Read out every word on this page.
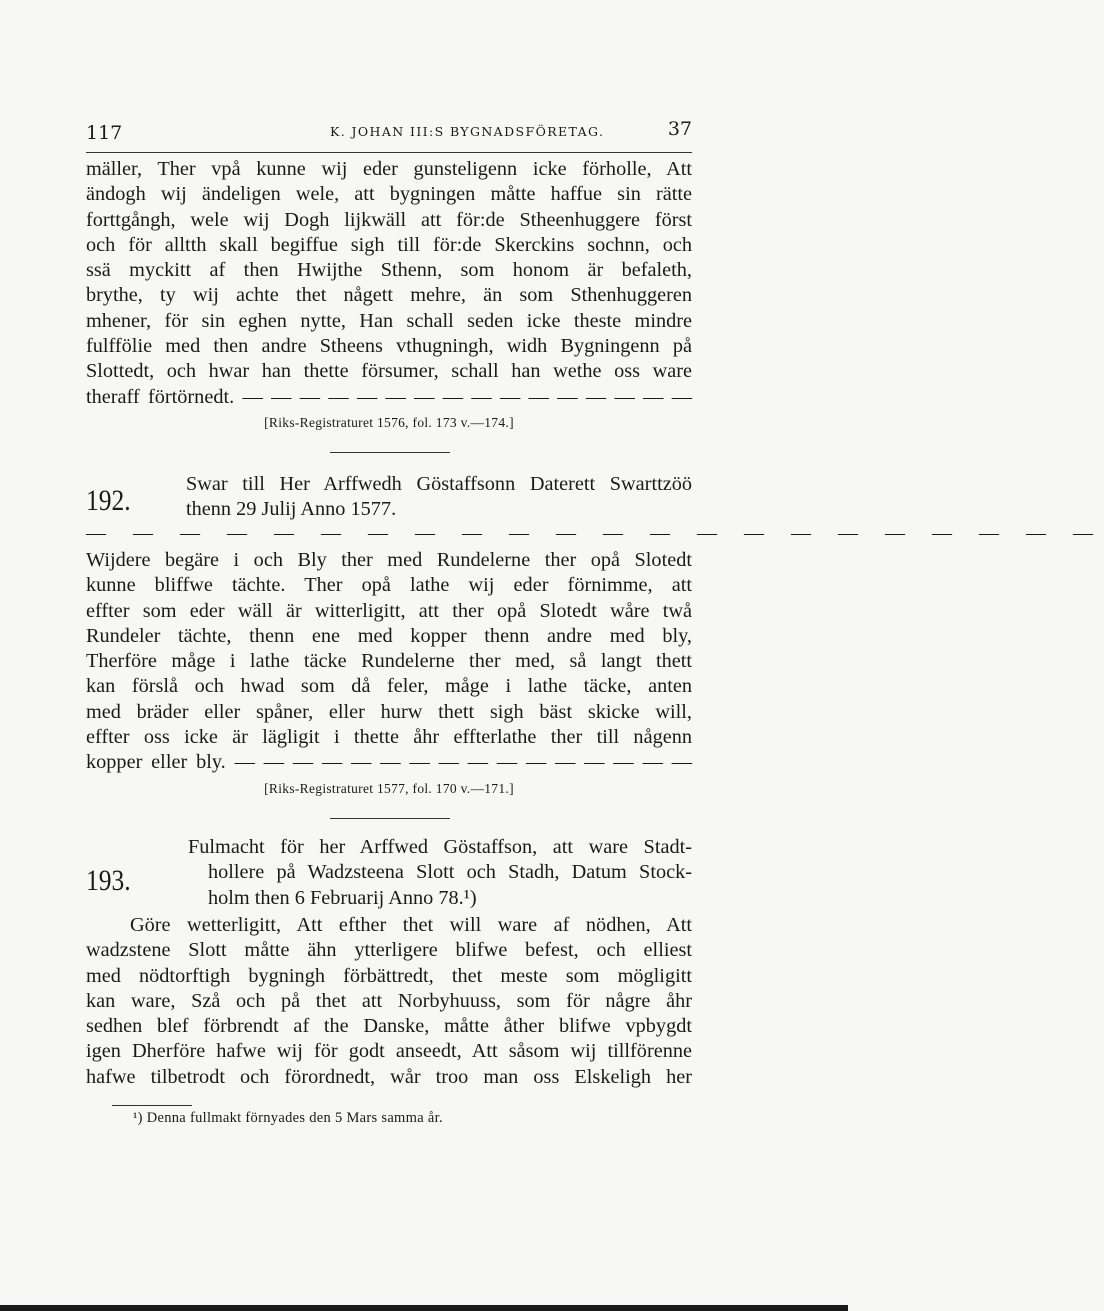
117	K. JOHAN III:S BYGNADSFÖRETAG.	37
mäller, Ther vpå kunne wij eder gunsteligenn icke förholle, Att
ändogh wij ändeligen wele, att bygningen måtte haffue sin rätte
forttgångh, wele wij Dogh lijkwäll att för:de Stheenhuggere först
och för alltth skall begiffue sigh till för:de Skerckins sochnn, och
ssä myckitt af then Hwijthe Sthenn, som honom är befaleth,
brythe, ty wij achte thet någett mehre, än som Sthenhuggeren
mhener, för sin eghen nytte, Han schall seden icke theste mindre
fulffölie med then andre Stheens vthugningh, widh Bygningenn på
Slottedt, och hwar han thette försumer, schall han wethe oss ware
theraff förtörnedt. — — — — — — — — — — — — — — — —
[Riks-Registraturet 1576, fol. 173 v.—174.]
192.	Swar till Her Arffwedh Göstaffsonn Daterett Swarttzöö
thenn 29 Julij Anno 1577.
— — — — — — — — — — — — — — — — — — — — — —
Wijdere begäre i och Bly ther med Rundelerne ther opå Slotedt
kunne bliffwe tächte. Ther opå lathe wij eder förnimme, att
effter som eder wäll är witterligitt, att ther opå Slotedt wåre twå
Rundeler tächte, thenn ene med kopper thenn andre med bly,
Therföre måge i lathe täcke Rundelerne ther med, så langt thett
kan förslå och hwad som då feler, måge i lathe täcke, anten
med bräder eller spåner, eller hurw thett sigh bäst skicke will,
effter oss icke är lägligit i thette åhr effterlathe ther till någenn
kopper eller bly. — — — — — — — — — — — — — — — —
[Riks-Registraturet 1577, fol. 170 v.—171.]
193.
Fulmacht för her Arffwed Göstaffson, att ware Stadt-
hollere på Wadzsteena Slott och Stadh, Datum Stock-
holm then 6 Februarij Anno 78.¹)
Göre wetterligitt, Att efther thet will ware af nödhen, Att
wadzstene Slott måtte ähn ytterligere blifwe befest, och elliest
med nödtorftigh bygningh förbättredt, thet meste som mögligitt
kan ware, Szå och på thet att Norbyhuuss, som för någre åhr
sedhen blef förbrendt af the Danske, måtte åther blifwe vpbygdt
igen Dherföre hafwe wij för godt anseedt, Att såsom wij tillförenne
hafwe tilbetrodt och förordnedt, wår troo man oss Elskeligh her
¹) Denna fullmakt förnyades den 5 Mars samma år.
